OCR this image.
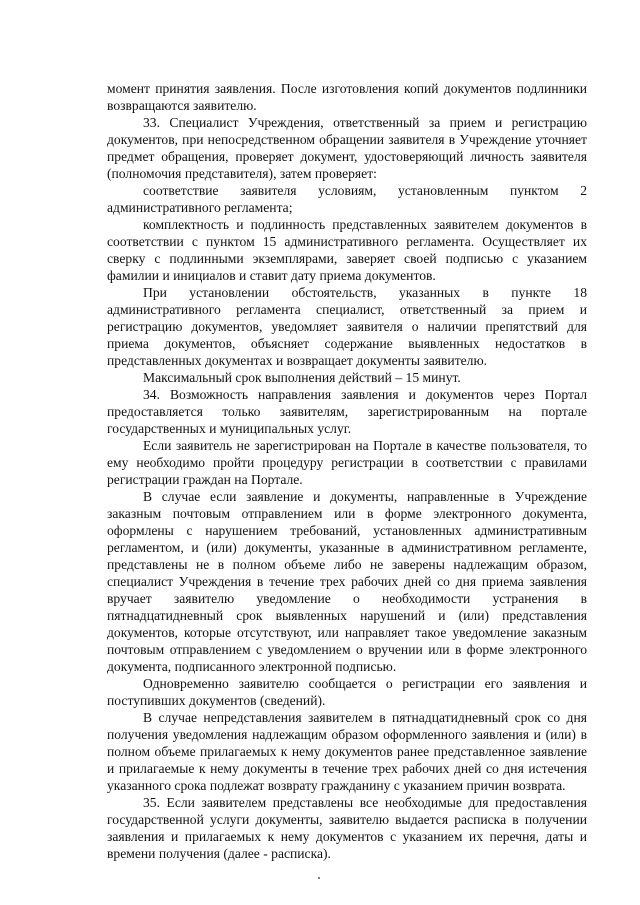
момент принятия заявления. После изготовления копий документов подлинники возвращаются заявителю.

33. Специалист Учреждения, ответственный за прием и регистрацию документов, при непосредственном обращении заявителя в Учреждение уточняет предмет обращения, проверяет документ, удостоверяющий личность заявителя (полномочия представителя), затем проверяет:

соответствие заявителя условиям, установленным пунктом 2 административного регламента;

комплектность и подлинность представленных заявителем документов в соответствии с пунктом 15 административного регламента. Осуществляет их сверку с подлинными экземплярами, заверяет своей подписью с указанием фамилии и инициалов и ставит дату приема документов.

При установлении обстоятельств, указанных в пункте 18 административного регламента специалист, ответственный за прием и регистрацию документов, уведомляет заявителя о наличии препятствий для приема документов, объясняет содержание выявленных недостатков в представленных документах и возвращает документы заявителю.

Максимальный срок выполнения действий – 15 минут.

34. Возможность направления заявления и документов через Портал предоставляется только заявителям, зарегистрированным на портале государственных и муниципальных услуг.

Если заявитель не зарегистрирован на Портале в качестве пользователя, то ему необходимо пройти процедуру регистрации в соответствии с правилами регистрации граждан на Портале.

В случае если заявление и документы, направленные в Учреждение заказным почтовым отправлением или в форме электронного документа, оформлены с нарушением требований, установленных административным регламентом, и (или) документы, указанные в административном регламенте, представлены не в полном объеме либо не заверены надлежащим образом, специалист Учреждения в течение трех рабочих дней со дня приема заявления вручает заявителю уведомление о необходимости устранения в пятнадцатидневный срок выявленных нарушений и (или) представления документов, которые отсутствуют, или направляет такое уведомление заказным почтовым отправлением с уведомлением о вручении или в форме электронного документа, подписанного электронной подписью.

Одновременно заявителю сообщается о регистрации его заявления и поступивших документов (сведений).

В случае непредставления заявителем в пятнадцатидневный срок со дня получения уведомления надлежащим образом оформленного заявления и (или) в полном объеме прилагаемых к нему документов ранее представленное заявление и прилагаемые к нему документы в течение трех рабочих дней со дня истечения указанного срока подлежат возврату гражданину с указанием причин возврата.

35. Если заявителем представлены все необходимые для предоставления государственной услуги документы, заявителю выдается расписка в получении заявления и прилагаемых к нему документов с указанием их перечня, даты и времени получения (далее - расписка).
